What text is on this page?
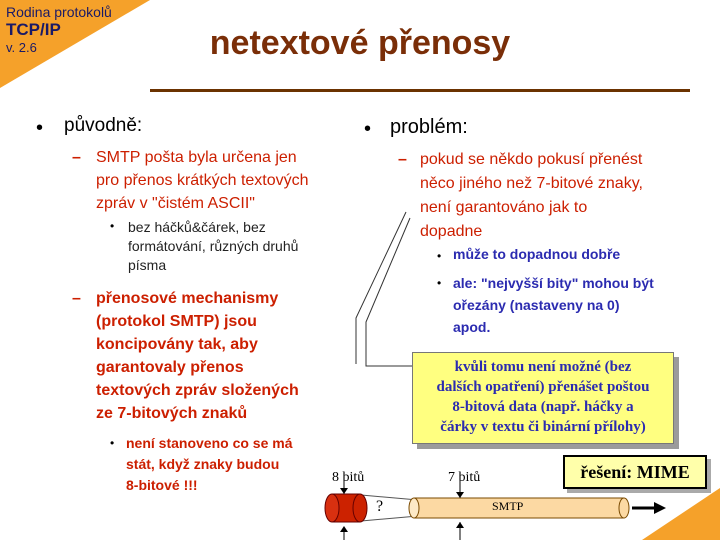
Rodina protokolů
TCP/IP
v. 2.6	netextové přenosy
• původně:
– SMTP pošta byla určena jen
pro přenos krátkých textových
zpráv v "čistém ASCII"
• bez háčků&čárek, bez
formátování, různých druhů
písma
– přenosové mechanismy
(protokol SMTP) jsou
koncipovány tak, aby
garantovaly přenos
textových zpráv složených
ze 7-bitových znaků
• není stanoveno co se má
stát, když znaky budou
8-bitové !!!
• problém:
– pokud se někdo pokusí přenést
něco jiného než 7-bitové znaky,
není garantováno jak to
dopadne
• může to dopadnou dobře
• ale: "nejvyšší bity" mohou být
ořezány (nastaveny na 0)
apod.
kvůli tomu není možné (bez
dalších opatření) přenášet poštou
8-bitová data (např. háčky a
čárky v textu či binární přílohy)
řešení: MIME
8 bitů	7 bitů
?	SMTP
